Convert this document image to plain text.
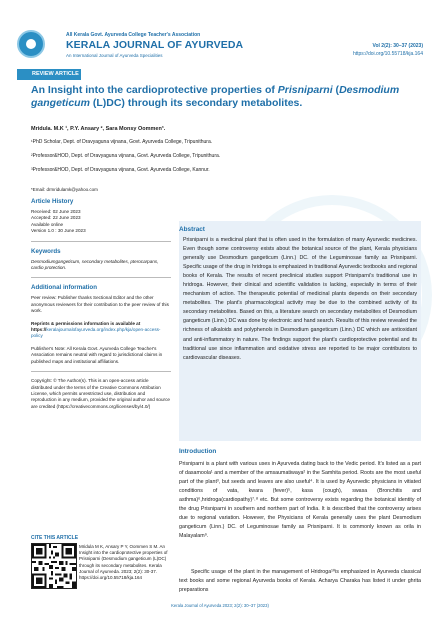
All Kerala Govt. Ayurveda College Teacher's Association
KERALA JOURNAL OF AYURVEDA
An International Journal of Ayurveda Specialities
Vol 2(2): 30–37 (2023)
https://doi.org/10.55718/kja.164
REVIEW ARTICLE
An Insight into the cardioprotective properties of Prisniparni (Desmodium gangeticum (L)DC) through its secondary metabolites.
Mridula. M.K ¹, P.Y. Ansary ², Sara Monsy Oommen³.
¹PhD Scholar, Dept. of Dravyaguna vijnana, Govt. Ayurveda College, Tripunithura.
²Professor&HOD, Dept. of Dravyaguna vijnana, Govt. Ayurveda College, Tripunithura.
³Professor&HOD, Dept. of Dravyaguna vijnana, Govt. Ayurveda College, Kannur.
*Email: drmridulamk@yahoo.com
Article History
Received: 02 June 2023
Accepted: 22 June 2023
Available online
Version 1.0 : 30 June 2023
Keywords
Desmodiumgangeticum, secondary metabolites, pterocarpans, cardio protection.
Additional information
Peer review: Publisher thanks Sectional Editor and the other anonymous reviewers for their contribution to the peer review of this work.
Reprints & permissions information is available at https://keralajournalofayurveda.org/index.php/kja/open-access-policy
Publisher's Note: All Kerala Govt. Ayurveda College Teacher's Association remains neutral with regard to jurisdictional claims in published maps and institutional affiliations.
Copyright: © The Author(s). This is an open-access article distributed under the terms of the Creative Commons Attribution License, which permits unrestricted use, distribution and reproduction in any medium, provided the original author and source are credited (https://creativecommons.org/licenses/by/4.0/)
CITE THIS ARTICLE
Mridula M K, Ansary P Y, Oommen S M. An Insight into the cardioprotective properties of Prisniparni (Desmodium gangeticum (L)DC) through its secondary metabolites. Kerala Journal of Ayurveda. 2023; 2(2): 30-37. https://doi.org/10.55718/kja.164
Abstract
Prisniparni is a medicinal plant that is often used in the formulation of many Ayurvedic medicines. Even though some controversy exists about the botanical source of the plant, Kerala physicians generally use Desmodium gangeticum (Linn.) DC. of the Leguminosae family as Prisniparni. Specific usage of the drug in hridroga is emphasized in traditional Ayurvedic textbooks and regional books of Kerala. The results of recent preclinical studies support Prisniparni's traditional use in hridroga. However, their clinical and scientific validation is lacking, especially in terms of their mechanism of action. The therapeutic potential of medicinal plants depends on their secondary metabolites. The plant's pharmacological activity may be due to the combined activity of its secondary metabolites. Based on this, a literature search on secondary metabolites of Desmodium gangeticum (Linn.) DC was done by electronic and hand search. Results of this review revealed the richness of alkaloids and polyphenols in Desmodium gangeticum (Linn.) DC which are antioxidant and anti-inflammatory in nature. The findings support the plant's cardioprotective potential and its traditional use since inflammation and oxidative stress are reported to be major contributors to cardiovascular diseases.
Introduction
Prisniparni is a plant with various uses in Ayurveda dating back to the Vedic period. It's listed as a part of dasamoola¹ and a member of the amsaumatiwaya² in the Samhita period. Roots are the most useful part of the plant³, but seeds and leaves are also useful⁴. It is used by Ayurvedic physicians in vitiated conditions of vata, kwara (fever)⁵, kasa (cough), swasa (Bronchitis and asthma)⁶,hridroga(cardiopathy)⁷˒⁸ etc. But some controversy exists regarding the botanical identity of the drug Prisniparni in southern and northern part of India. It is described that the controversy arises due to regional variation. However, the Physicians of Kerala generally uses the plant Desmodium gangeticum (Linn.) DC. of Leguminosae family as Prisniparni. It is commonly known as orila in Malayalam⁹.
Specific usage of the plant in the management of Hridroga¹⁰is emphasized in Ayurveda classical text books and some regional Ayurveda books of Kerala. Acharya Charaka has listed it under ghrita preparations
Kerala Journal of Ayurveda 2023; 2(2): 30–37 (2023)
